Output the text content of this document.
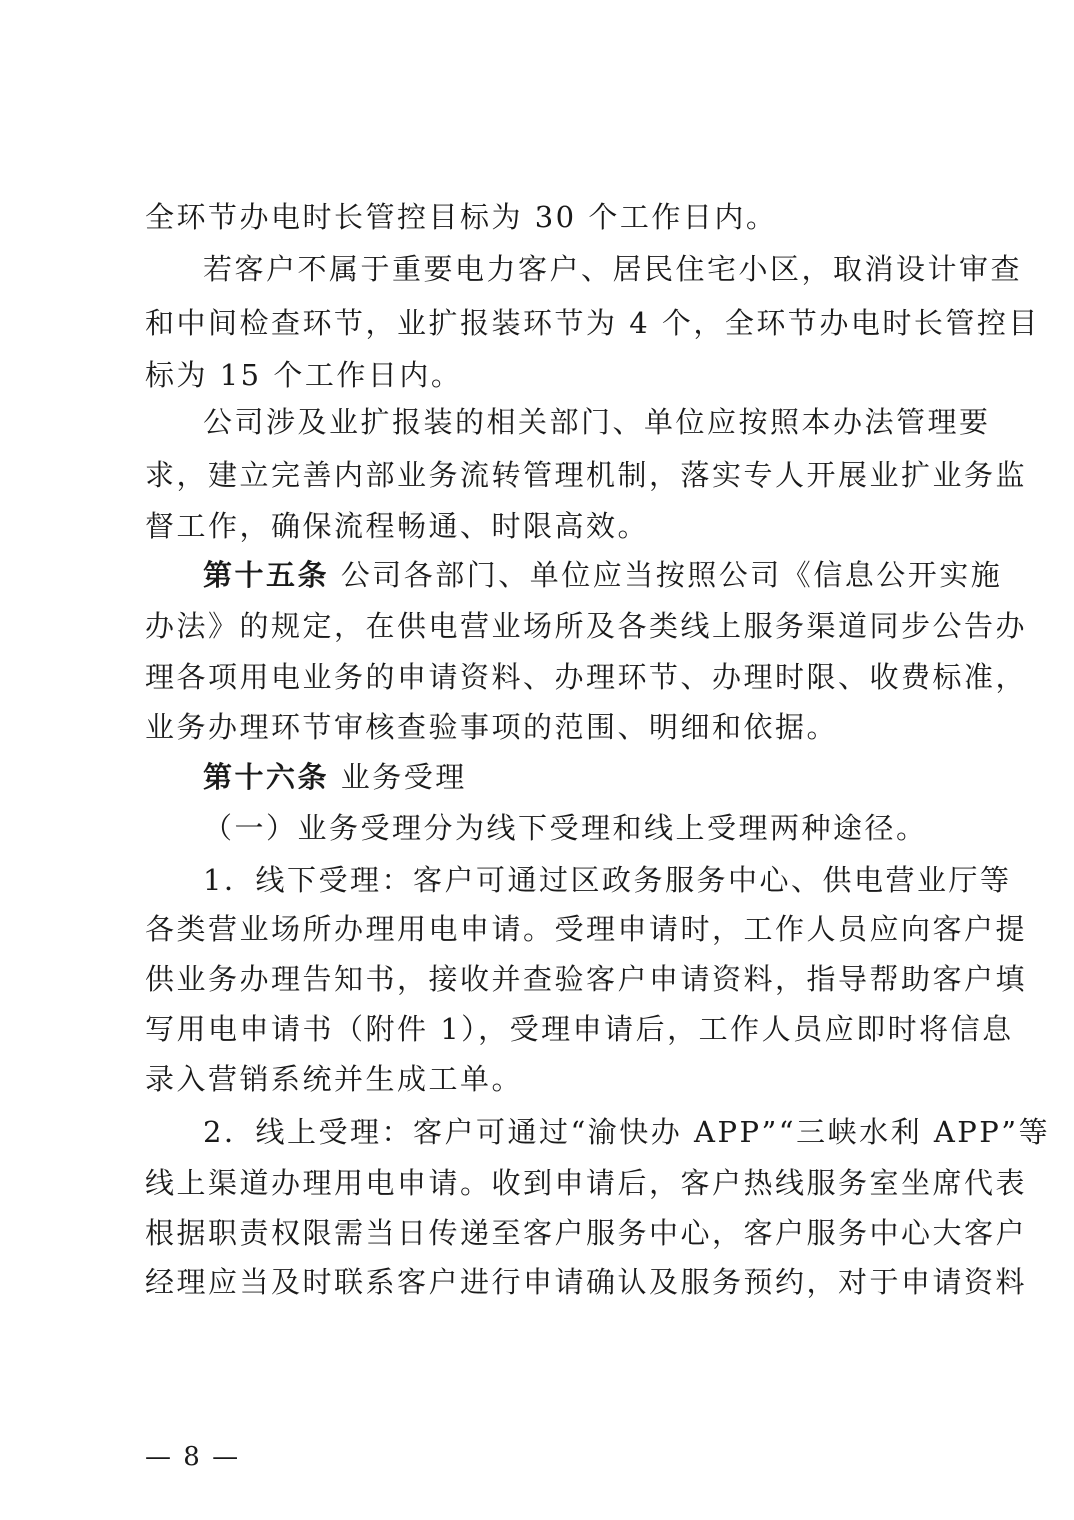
全环节办电时长管控目标为 30 个工作日内。
若客户不属于重要电力客户、居民住宅小区，取消设计审查
和中间检查环节，业扩报装环节为 4 个，全环节办电时长管控目
标为 15 个工作日内。
公司涉及业扩报装的相关部门、单位应按照本办法管理要
求，建立完善内部业务流转管理机制，落实专人开展业扩业务监
督工作，确保流程畅通、时限高效。
第十五条 公司各部门、单位应当按照公司《信息公开实施
办法》的规定，在供电营业场所及各类线上服务渠道同步公告办
理各项用电业务的申请资料、办理环节、办理时限、收费标准，
业务办理环节审核查验事项的范围、明细和依据。
第十六条 业务受理
（一）业务受理分为线下受理和线上受理两种途径。
1．线下受理：客户可通过区政务服务中心、供电营业厅等
各类营业场所办理用电申请。受理申请时，工作人员应向客户提
供业务办理告知书，接收并查验客户申请资料，指导帮助客户填
写用电申请书（附件 1），受理申请后，工作人员应即时将信息
录入营销系统并生成工单。
2．线上受理：客户可通过“渝快办 APP”“三峡水利 APP”等
线上渠道办理用电申请。收到申请后，客户热线服务室坐席代表
根据职责权限需当日传递至客户服务中心，客户服务中心大客户
经理应当及时联系客户进行申请确认及服务预约，对于申请资料
— 8 —
